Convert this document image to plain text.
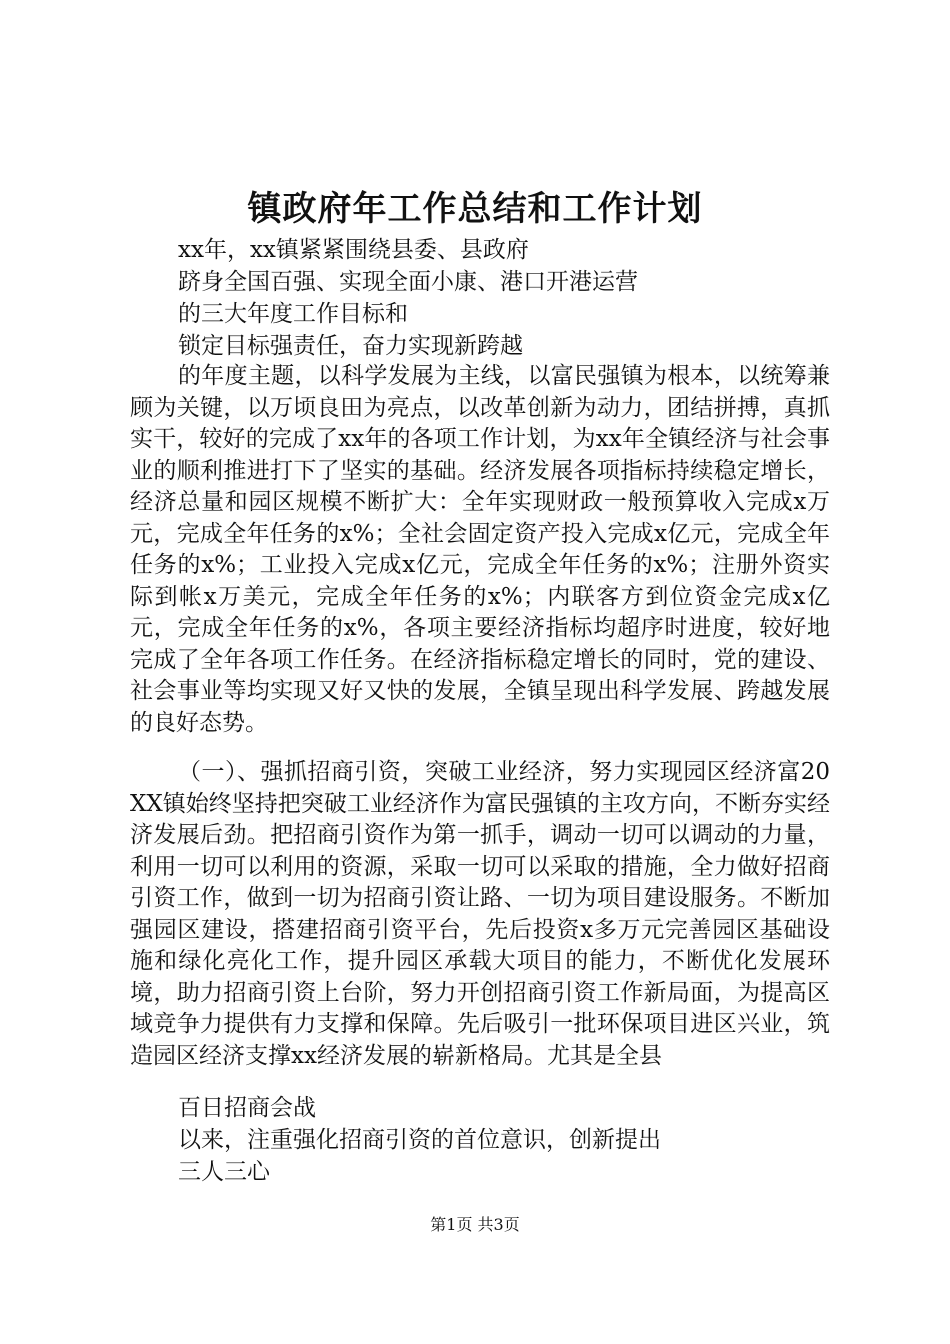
镇政府年工作总结和工作计划

xx年，xx镇紧紧围绕县委、县政府

跻身全国百强、实现全面小康、港口开港运营

的三大年度工作目标和

锁定目标强责任，奋力实现新跨越

的年度主题，以科学发展为主线，以富民强镇为根本，以统筹兼顾为关键，以万顷良田为亮点，以改革创新为动力，团结拼搏，真抓实干，较好的完成了xx年的各项工作计划，为xx年全镇经济与社会事业的顺利推进打下了坚实的基础。经济发展各项指标持续稳定增长，经济总量和园区规模不断扩大：全年实现财政一般预算收入完成x万元，完成全年任务的x%；全社会固定资产投入完成x亿元，完成全年任务的x%；工业投入完成x亿元，完成全年任务的x%；注册外资实际到帐x万美元，完成全年任务的x%；内联客方到位资金完成x亿元，完成全年任务的x%，各项主要经济指标均超序时进度，较好地完成了全年各项工作任务。在经济指标稳定增长的同时，党的建设、社会事业等均实现又好又快的发展，全镇呈现出科学发展、跨越发展的良好态势。

（一）、强抓招商引资，突破工业经济，努力实现园区经济富20XX镇始终坚持把突破工业经济作为富民强镇的主攻方向，不断夯实经济发展后劲。把招商引资作为第一抓手，调动一切可以调动的力量，利用一切可以利用的资源，采取一切可以采取的措施，全力做好招商引资工作，做到一切为招商引资让路、一切为项目建设服务。不断加强园区建设，搭建招商引资平台，先后投资x多万元完善园区基础设施和绿化亮化工作，提升园区承载大项目的能力，不断优化发展环境，助力招商引资上台阶，努力开创招商引资工作新局面，为提高区域竞争力提供有力支撑和保障。先后吸引一批环保项目进区兴业，筑造园区经济支撑xx经济发展的崭新格局。尤其是全县

百日招商会战

以来，注重强化招商引资的首位意识，创新提出

三人三心

第1页 共3页
